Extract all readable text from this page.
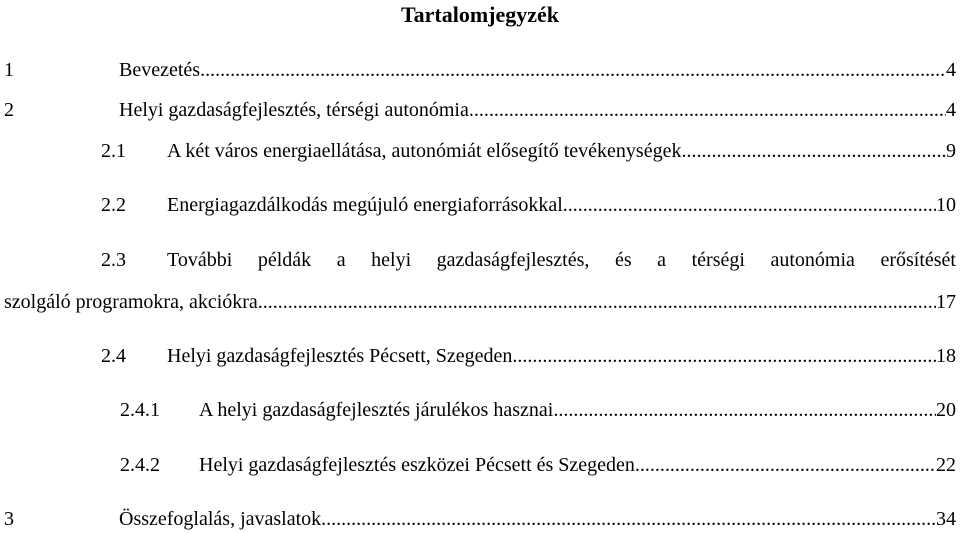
Tartalomjegyzék
1	Bevezetés .....	4
2	Helyi gazdaságfejlesztés, térségi autonómia .....	4
2.1	A két város energiaellátása, autonómiát elősegítő tevékenységek .....	9
2.2	Energiagazdálkodás megújuló energiaforrásokkal .....	10
2.3	További példák a helyi gazdaságfejlesztés, és a térségi autonómia erősítését
szolgáló programokra, akciókra .....	17
2.4	Helyi gazdaságfejlesztés Pécsett, Szegeden .....	18
2.4.1	A helyi gazdaságfejlesztés járulékos hasznai .....	20
2.4.2	Helyi gazdaságfejlesztés eszközei Pécsett és Szegeden .....	22
3	Összefoglalás, javaslatok .....	34
